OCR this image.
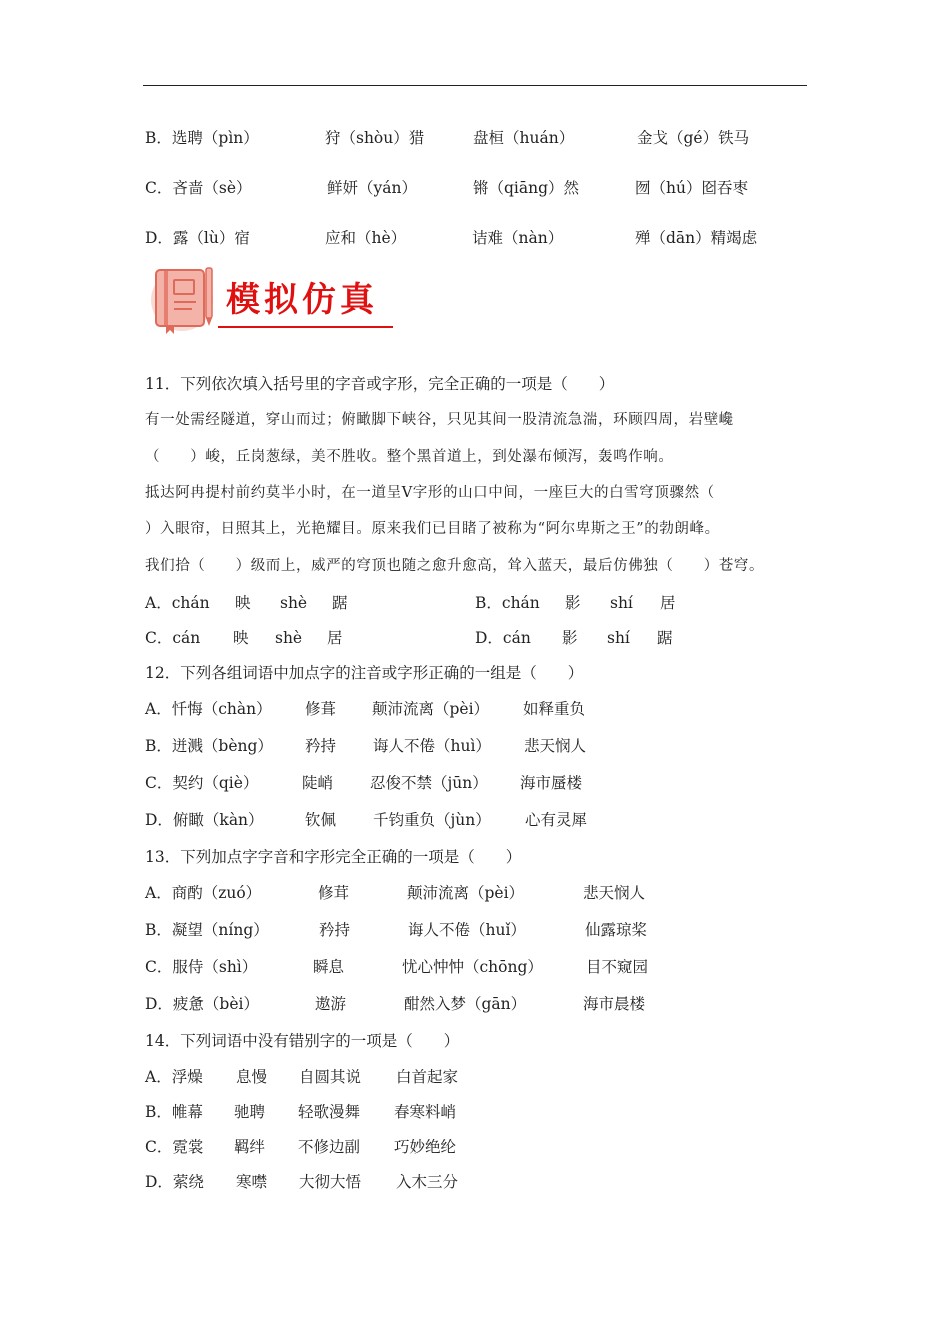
B．选聘（pìn）	狩（shòu）猎	盘桓（huán）	金戈（gé）铁马
C．吝啬（sè）	鲜妍（yán）	锵（qiāng）然	囫（hú）囵吞枣
D．露（lù）宿	应和（hè）	诘难（nàn）	殚（dān）精竭虑
模拟仿真
11．下列依次填入括号里的字音或字形，完全正确的一项是（　　）
有一处需经隧道，穿山而过；俯瞰脚下峡谷，只见其间一股清流急湍，环顾四周，岩壁巉
（　　）峻，丘岗葱绿，美不胜收。整个黑首道上，到处瀑布倾泻，轰鸣作响。
抵达阿冉提村前约莫半小时，在一道呈V字形的山口中间，一座巨大的白雪穹顶骤然（
）入眼帘，日照其上，光艳耀目。原来我们已目睹了被称为“阿尔卑斯之王”的勃朗峰。
我们拾（　　）级而上，威严的穹顶也随之愈升愈高，耸入蓝天，最后仿佛独（　　）苍穹。
A．chán 映 shè 踞	B．chán 影 shí 居
C．cán 映 shè 居	D．cán 影 shí 踞
12．下列各组词语中加点字的注音或字形正确的一组是（　　）
A．忏悔（chàn） 修葺 颠沛流离（pèi） 如释重负
B．迸溅（bèng） 矜持 诲人不倦（huì） 悲天悯人
C．契约（qiè）	陡峭 忍俊不禁（jūn） 海市蜃楼
D．俯瞰（kàn）	钦佩 千钧重负（jùn） 心有灵犀
13．下列加点字字音和字形完全正确的一项是（　　）
A．商酌（zuó）	修茸	颠沛流离（pèi）	悲天悯人
B．凝望（níng）	矜持	诲人不倦（huǐ）	仙露琼桨
C．服侍（shì）	瞬息	忧心忡忡（chōng）	目不窥园
D．疲惫（bèi）	遨游	酣然入梦（gān）	海市晨楼
14．下列词语中没有错别字的一项是（　　）
A．浮燥 息慢 自圆其说 白首起家
B．帷幕 驰聘 轻歌漫舞 春寒料峭
C．霓裳 羁绊 不修边副 巧妙绝纶
D．萦绕 寒噤 大彻大悟 入木三分
